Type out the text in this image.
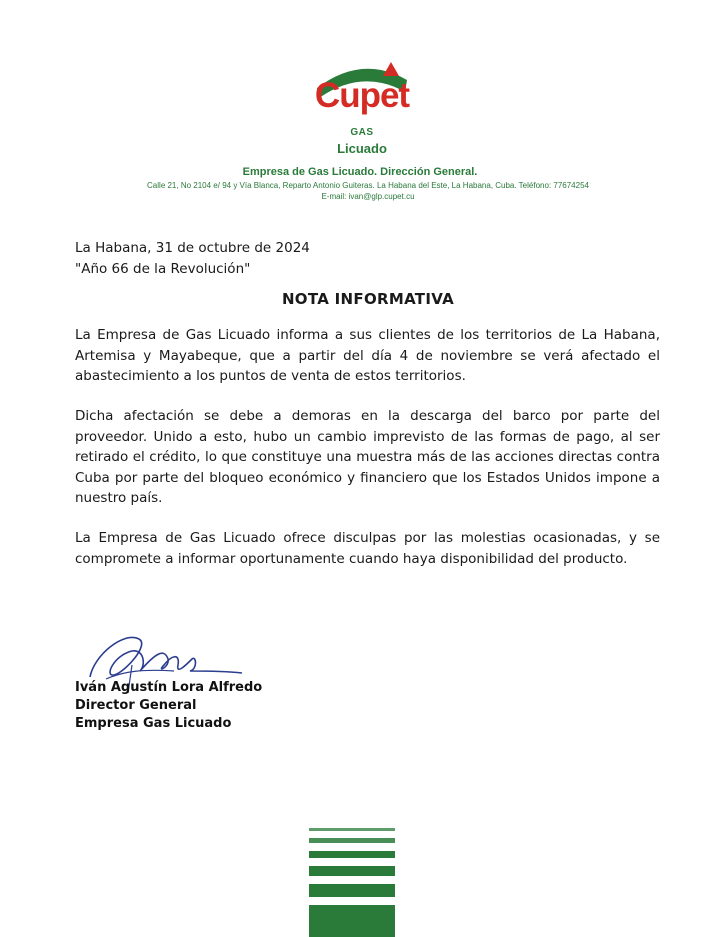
Cupet
GAS
Licuado
Empresa de Gas Licuado. Dirección General.
Calle 21, No 2104 e/ 94 y Vía Blanca, Reparto Antonio Guiteras. La Habana del Este, La Habana, Cuba. Teléfono: 77674254
E-mail: ivan@glp.cupet.cu
La Habana, 31 de octubre de 2024
"Año 66 de la Revolución"
NOTA INFORMATIVA

La Empresa de Gas Licuado informa a sus clientes de los territorios de La Habana, Artemisa y Mayabeque, que a partir del día 4 de noviembre se verá afectado el abastecimiento a los puntos de venta de estos territorios.

Dicha afectación se debe a demoras en la descarga del barco por parte del proveedor. Unido a esto, hubo un cambio imprevisto de las formas de pago, al ser retirado el crédito, lo que constituye una muestra más de las acciones directas contra Cuba por parte del bloqueo económico y financiero que los Estados Unidos impone a nuestro país.

La Empresa de Gas Licuado ofrece disculpas por las molestias ocasionadas, y se compromete a informar oportunamente cuando haya disponibilidad del producto.

Iván Agustín Lora Alfredo
Director General
Empresa Gas Licuado
